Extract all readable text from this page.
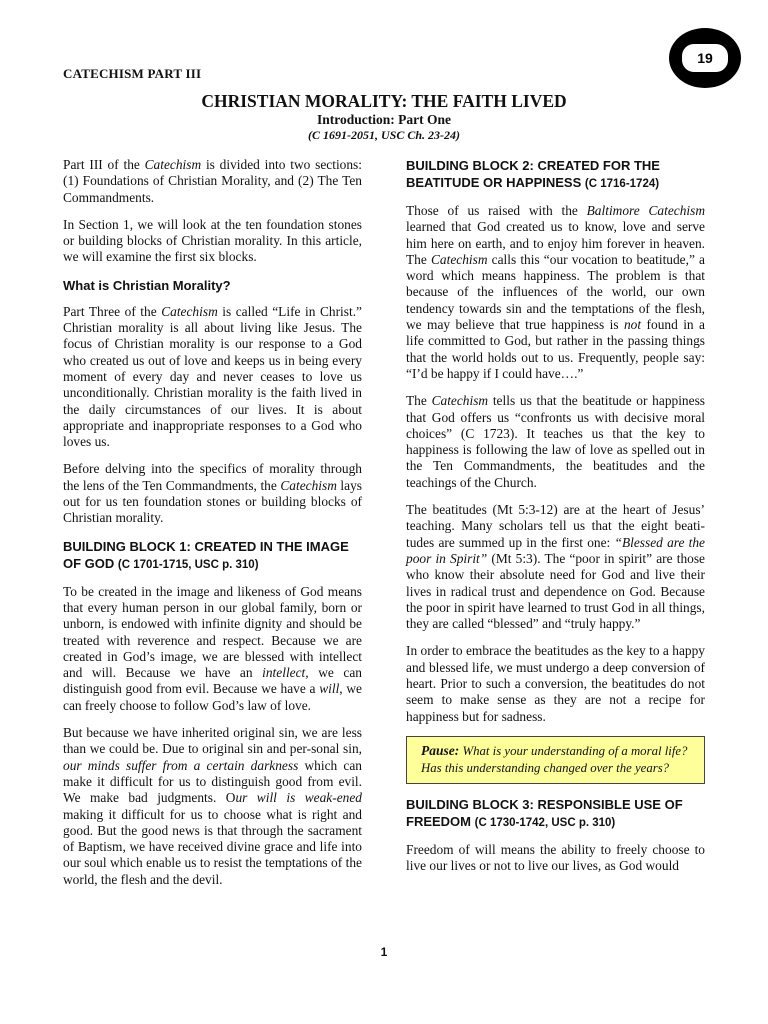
19
CATECHISM PART III
CHRISTIAN MORALITY: THE FAITH LIVED
Introduction: Part One
(C 1691-2051, USC Ch. 23-24)

Part III of the Catechism is divided into two sections: (1) Foundations of Christian Morality, and (2) The Ten Commandments.

In Section 1, we will look at the ten foundation stones or building blocks of Christian morality. In this article, we will examine the first six blocks.

What is Christian Morality?

Part Three of the Catechism is called “Life in Christ.” Christian morality is all about living like Jesus. The focus of Christian morality is our response to a God who created us out of love and keeps us in being every moment of every day and never ceases to love us unconditionally. Christian morality is the faith lived in the daily circumstances of our lives. It is about appropriate and inappropriate responses to a God who loves us.

Before delving into the specifics of morality through the lens of the Ten Commandments, the Catechism lays out for us ten foundation stones or building blocks of Christian morality.

BUILDING BLOCK 1: CREATED IN THE IMAGE OF GOD (C 1701-1715, USC p. 310)

To be created in the image and likeness of God means that every human person in our global family, born or unborn, is endowed with infinite dignity and should be treated with reverence and respect. Because we are created in God’s image, we are blessed with intellect and will. Because we have an intellect, we can distinguish good from evil. Because we have a will, we can freely choose to follow God’s law of love.

But because we have inherited original sin, we are less than we could be. Due to original sin and per-sonal sin, our minds suffer from a certain darkness which can make it difficult for us to distinguish good from evil. We make bad judgments. Our will is weak-ened making it difficult for us to choose what is right and good. But the good news is that through the sacrament of Baptism, we have received divine grace and life into our soul which enable us to resist the temptations of the world, the flesh and the devil.

BUILDING BLOCK 2: CREATED FOR THE BEATITUDE OR HAPPINESS (C 1716-1724)

Those of us raised with the Baltimore Catechism learned that God created us to know, love and serve him here on earth, and to enjoy him forever in heaven. The Catechism calls this “our vocation to beatitude,” a word which means happiness. The problem is that because of the influences of the world, our own tendency towards sin and the temptations of the flesh, we may believe that true happiness is not found in a life committed to God, but rather in the passing things that the world holds out to us. Frequently, people say: “I’d be happy if I could have….”

The Catechism tells us that the beatitude or happiness that God offers us “confronts us with decisive moral choices” (C 1723). It teaches us that the key to happiness is following the law of love as spelled out in the Ten Commandments, the beatitudes and the teachings of the Church.

The beatitudes (Mt 5:3-12) are at the heart of Jesus’ teaching. Many scholars tell us that the eight beati-tudes are summed up in the first one: “Blessed are the poor in Spirit” (Mt 5:3). The “poor in spirit” are those who know their absolute need for God and live their lives in radical trust and dependence on God. Because the poor in spirit have learned to trust God in all things, they are called “blessed” and “truly happy.”

In order to embrace the beatitudes as the key to a happy and blessed life, we must undergo a deep conversion of heart. Prior to such a conversion, the beatitudes do not seem to make sense as they are not a recipe for happiness but for sadness.

Pause: What is your understanding of a moral life? Has this understanding changed over the years?
BUILDING BLOCK 3: RESPONSIBLE USE OF FREEDOM (C 1730-1742, USC p. 310)

Freedom of will means the ability to freely choose to live our lives or not to live our lives, as God would

1
